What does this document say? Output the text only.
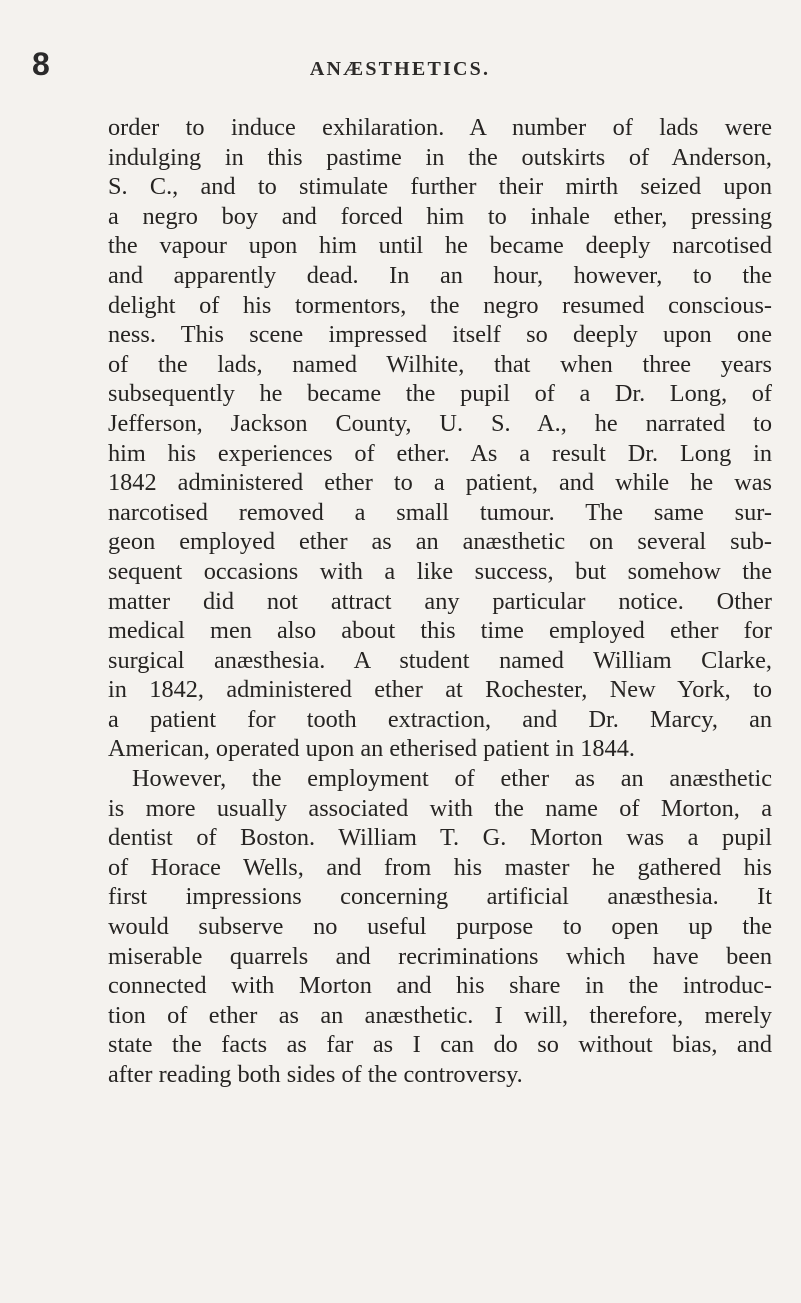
8	ANÆSTHETICS.
order to induce exhilaration. A number of lads were
indulging in this pastime in the outskirts of Anderson,
S. C., and to stimulate further their mirth seized upon
a negro boy and forced him to inhale ether, pressing
the vapour upon him until he became deeply narcotised
and apparently dead. In an hour, however, to the
delight of his tormentors, the negro resumed conscious-
ness. This scene impressed itself so deeply upon one
of the lads, named Wilhite, that when three years
subsequently he became the pupil of a Dr. Long, of
Jefferson, Jackson County, U. S. A., he narrated to
him his experiences of ether. As a result Dr. Long in
1842 administered ether to a patient, and while he was
narcotised removed a small tumour. The same sur-
geon employed ether as an anæsthetic on several sub-
sequent occasions with a like success, but somehow the
matter did not attract any particular notice. Other
medical men also about this time employed ether for
surgical anæsthesia. A student named William Clarke,
in 1842, administered ether at Rochester, New York, to
a patient for tooth extraction, and Dr. Marcy, an
American, operated upon an etherised patient in 1844.
However, the employment of ether as an anæsthetic
is more usually associated with the name of Morton, a
dentist of Boston. William T. G. Morton was a pupil
of Horace Wells, and from his master he gathered his
first impressions concerning artificial anæsthesia. It
would subserve no useful purpose to open up the
miserable quarrels and recriminations which have been
connected with Morton and his share in the introduc-
tion of ether as an anæsthetic. I will, therefore, merely
state the facts as far as I can do so without bias, and
after reading both sides of the controversy.
